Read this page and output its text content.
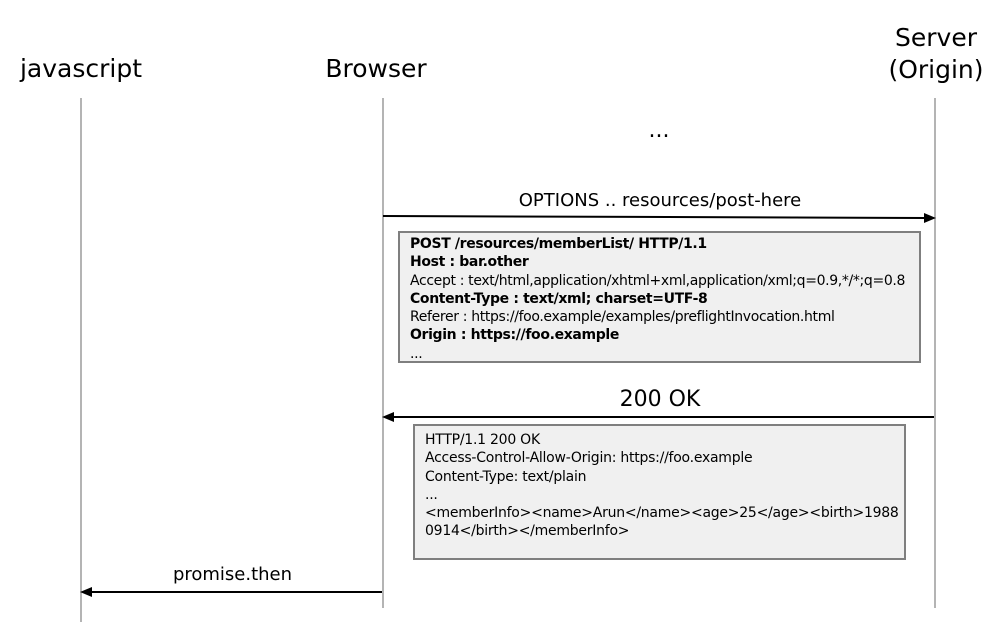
javascript	Browser
Server
(Origin)
...
OPTIONS .. resources/post-here
200 OK
promise.then
POST /resources/memberList/ HTTP/1.1
Host : bar.other
Accept : text/html,application/xhtml+xml,application/xml;q=0.9,*/*;q=0.8
Content-Type : text/xml; charset=UTF-8
Referer : https://foo.example/examples/preflightInvocation.html
Origin : https://foo.example
...
HTTP/1.1 200 OK
Access-Control-Allow-Origin: https://foo.example
Content-Type: text/plain
...
<memberInfo><name>Arun</name><age>25</age><birth>1988
0914</birth></memberInfo>
